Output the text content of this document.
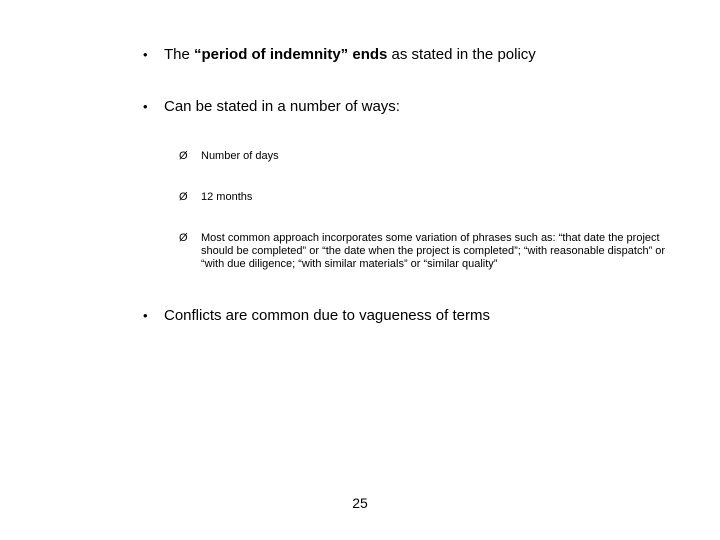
•	The “period of indemnity” ends as stated in the policy
•	Can be stated in a number of ways:
Ø	Number of days
Ø	12 months
Ø	Most common approach incorporates some variation of phrases such as: “that date the project should be completed” or “the date when the project is completed”; “with reasonable dispatch” or “with due diligence; “with similar materials” or “similar quality”
•	Conflicts are common due to vagueness of terms
25
